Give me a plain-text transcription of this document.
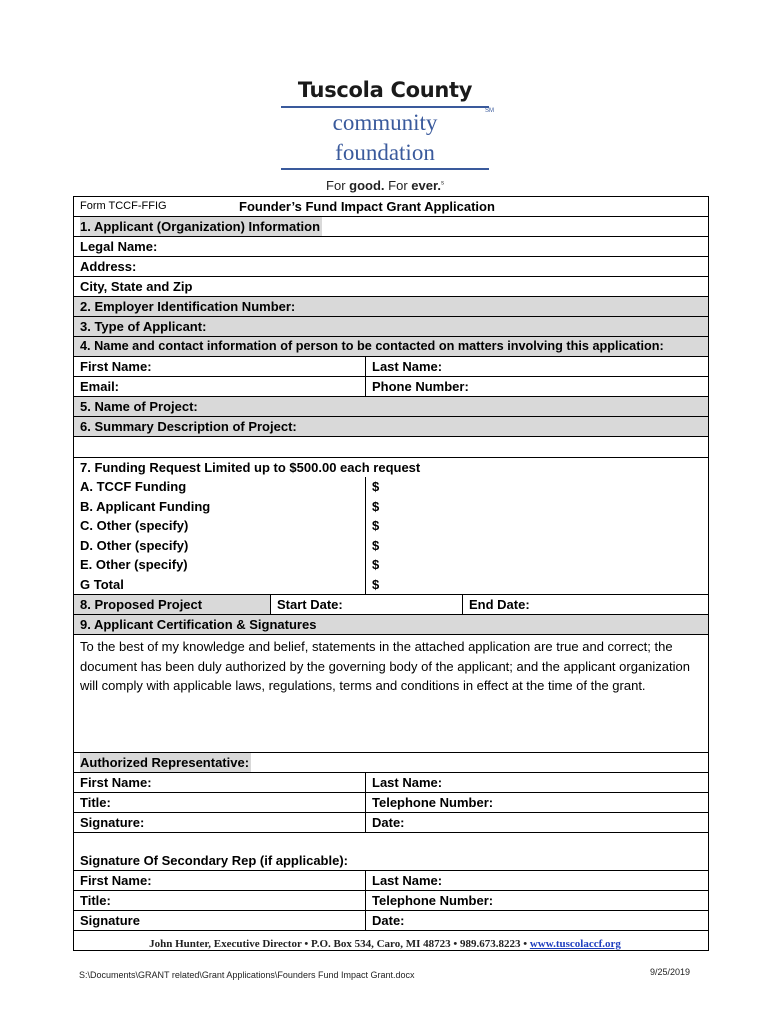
Tuscola County
community foundation
SM
For good. For ever.$^s$
Form TCCF-FFIG	Founder’s Fund Impact Grant Application
1. Applicant (Organization) Information
Legal Name:
Address:
City, State and Zip
2. Employer Identification Number:
3. Type of Applicant:
4. Name and contact information of person to be contacted on matters involving this application:
First Name:	Last Name:
Email:	Phone Number:
5. Name of Project:
6. Summary Description of Project:
7. Funding Request Limited up to $500.00 each request
A. TCCF Funding	$
B. Applicant Funding	$
C. Other (specify)	$
D. Other (specify)	$
E. Other (specify)	$
G Total	$
8. Proposed Project	Start Date:	End Date:
9. Applicant Certification & Signatures
To the best of my knowledge and belief, statements in the attached application are true and correct; the document has been duly authorized by the governing body of the applicant; and the applicant organization will comply with applicable laws, regulations, terms and conditions in effect at the time of the grant.
Authorized Representative:
First Name:	Last Name:
Title:	Telephone Number:
Signature:	Date:
Signature Of Secondary Rep (if applicable):
First Name:	Last Name:
Title:	Telephone Number:
Signature	Date:
John Hunter, Executive Director • P.O. Box 534, Caro, MI 48723 • 989.673.8223 • www.tuscolaccf.org
S:\Documents\GRANT related\Grant Applications\Founders Fund Impact Grant.docx	9/25/2019
